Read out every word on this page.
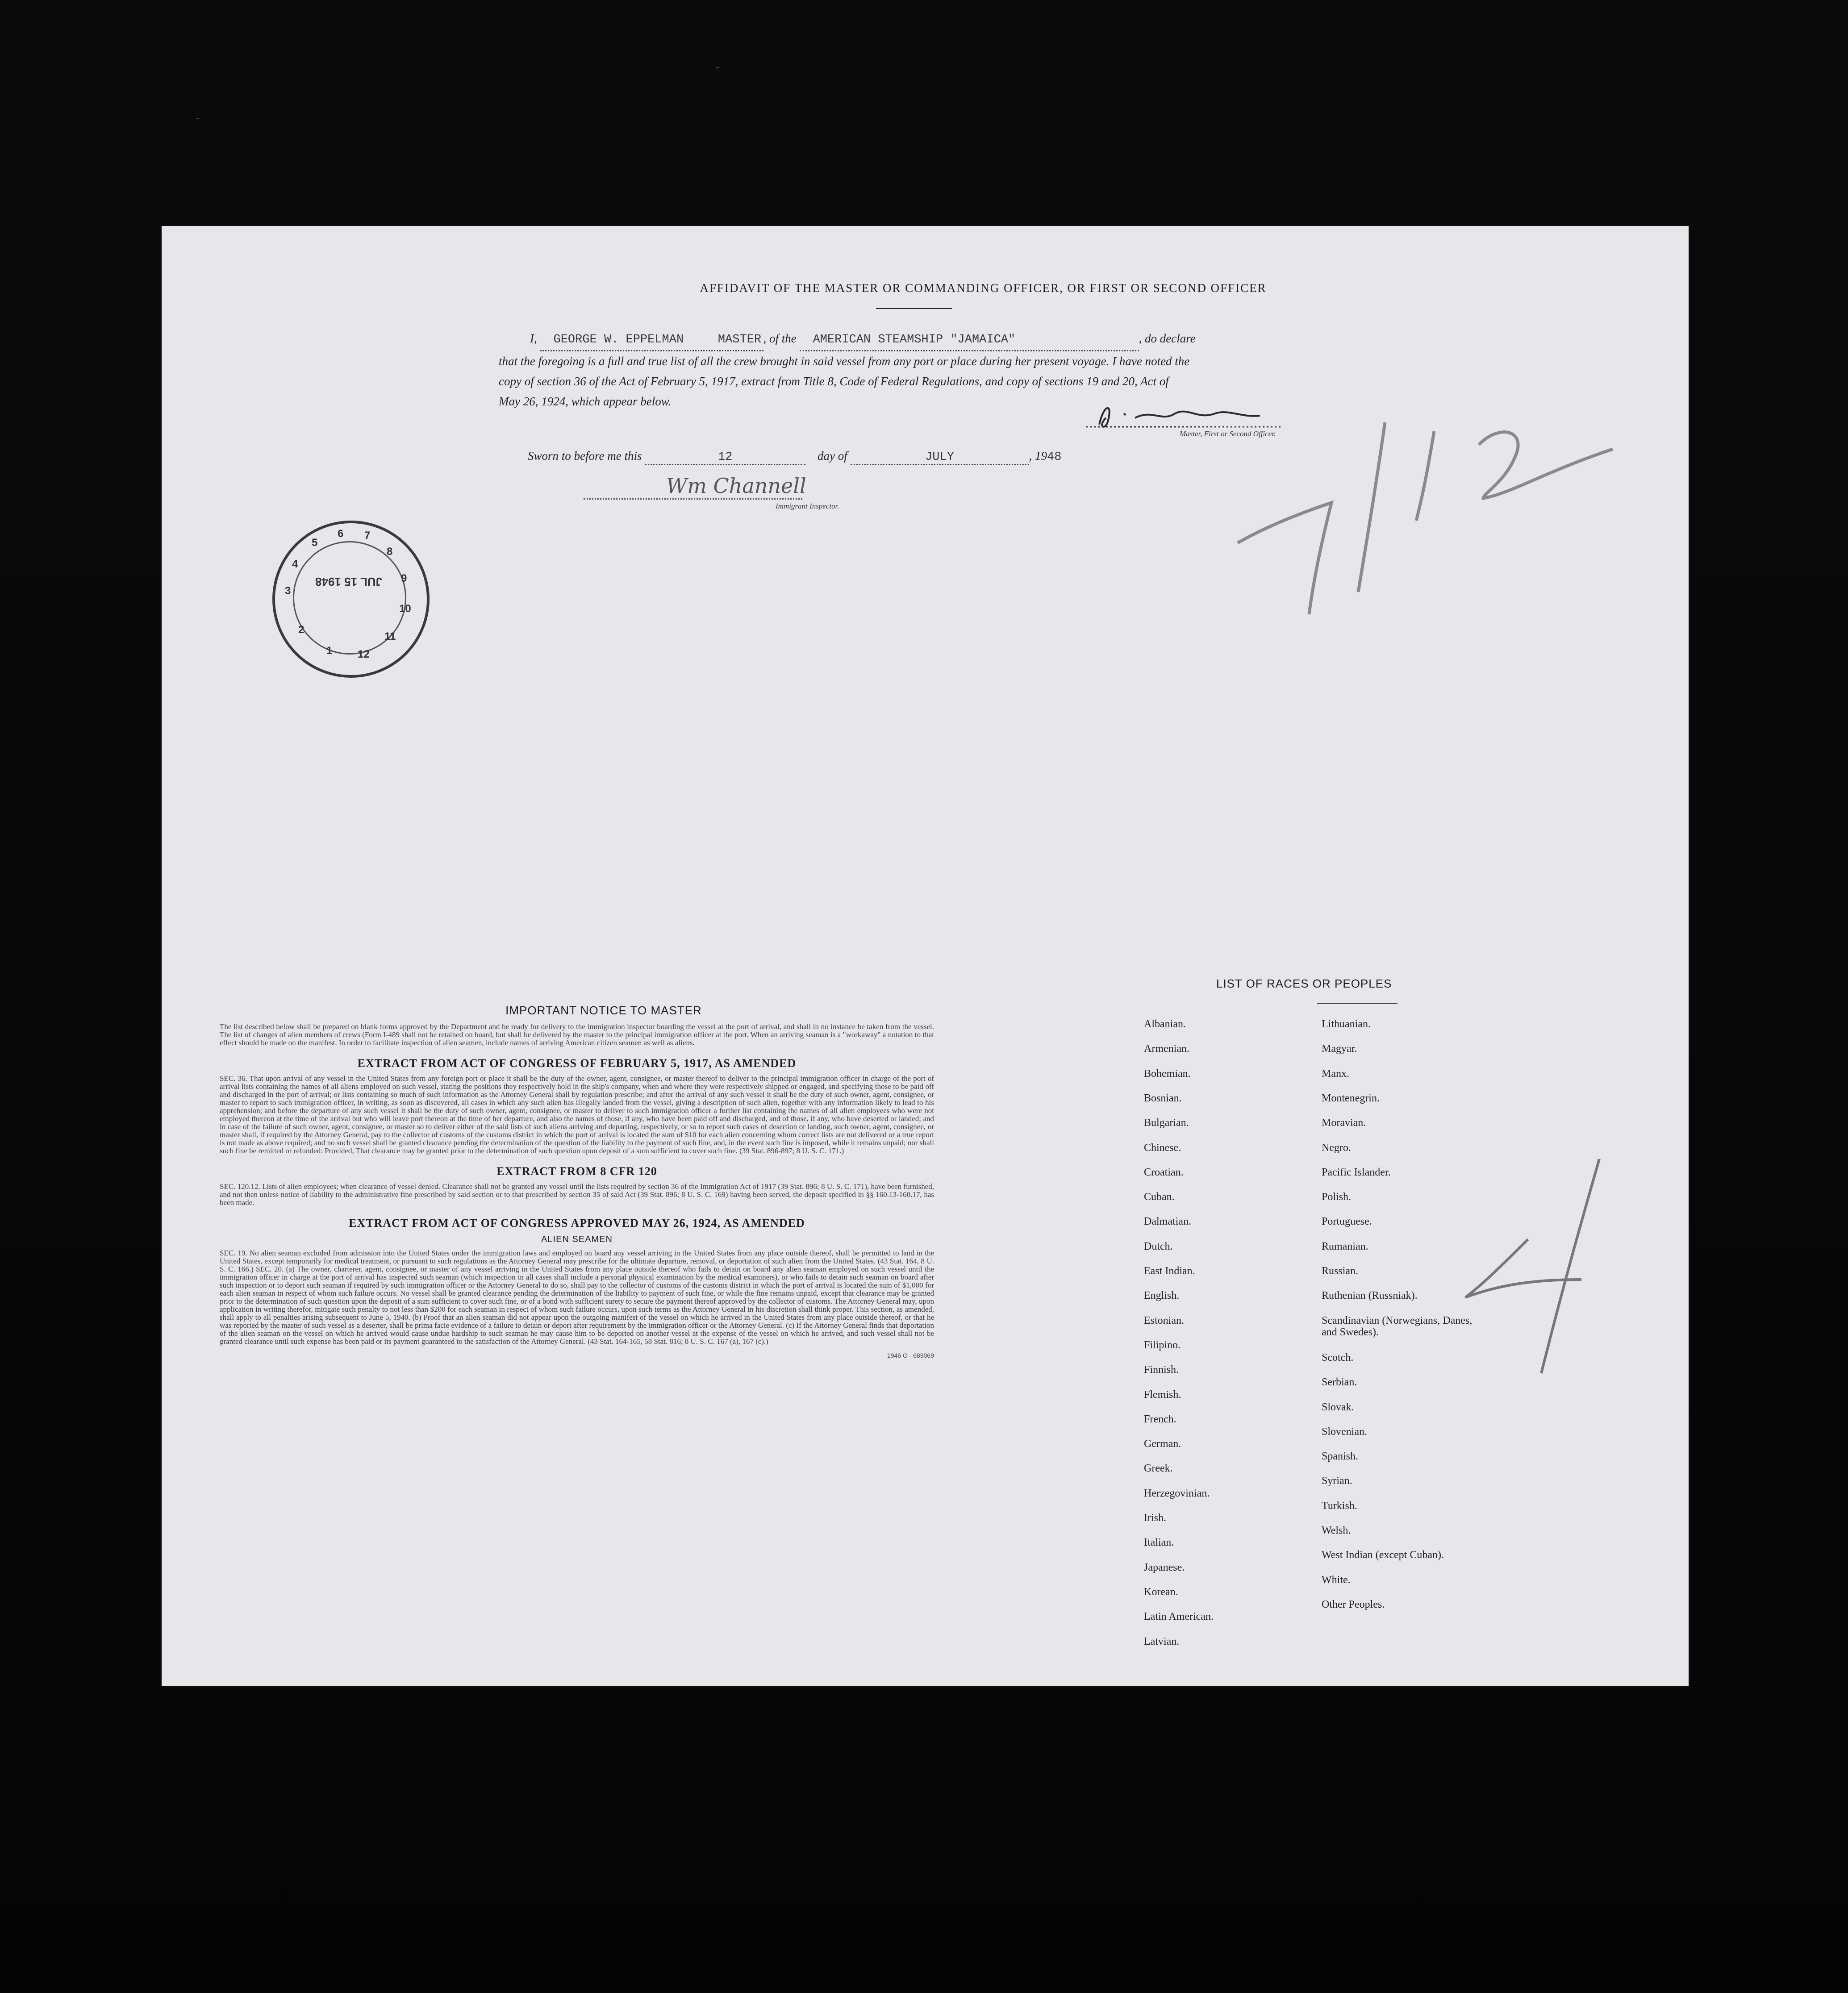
AFFIDAVIT OF THE MASTER OR COMMANDING OFFICER, OR FIRST OR SECOND OFFICER
I, GEORGE W. EPPELMAN	MASTER , of the AMERICAN STEAMSHIP "JAMAICA"	, do declare
that the foregoing is a full and true list of all the crew brought in said vessel from any port or place during her present voyage. I have noted the
copy of section 36 of the Act of February 5, 1917, extract from Title 8, Code of Federal Regulations, and copy of sections 19 and 20, Act of
May 26, 1924, which appear below.
Master, First or Second Officer.
Sworn to before me this	12	day of	JULY	, 1948
Wm Channell
Immigrant Inspector.
JUL 15 1948
3
4
5
6 7
8
9
10
11
12
1
2
IMPORTANT NOTICE TO MASTER
The list described below shall be prepared on blank forms approved by the Department and be ready for delivery to the immigration inspector boarding the vessel at the port of arrival, and shall in no instance be taken from the vessel. The list of changes of alien members of crews (Form I-489 shall not be retained on board, but shall be delivered by the master to the principal immigration officer at the port. When an arriving seaman is a "workaway" a notation to that effect should be made on the manifest. In order to facilitate inspection of alien seamen, include names of arriving American citizen seamen as well as aliens.
EXTRACT FROM ACT OF CONGRESS OF FEBRUARY 5, 1917, AS AMENDED
SEC. 36. That upon arrival of any vessel in the United States from any foreign port or place it shall be the duty of the owner, agent, consignee, or master thereof to deliver to the principal immigration officer in charge of the port of arrival lists containing the names of all aliens employed on such vessel, stating the positions they respectively hold in the ship's company, when and where they were respectively shipped or engaged, and specifying those to be paid off and discharged in the port of arrival; or lists containing so much of such information as the Attorney General shall by regulation prescribe; and after the arrival of any such vessel it shall be the duty of such owner, agent, consignee, or master to report to such immigration officer, in writing, as soon as discovered, all cases in which any such alien has illegally landed from the vessel, giving a description of such alien, together with any information likely to lead to his apprehension; and before the departure of any such vessel it shall be the duty of such owner, agent, consignee, or master to deliver to such immigration officer a further list containing the names of all alien employees who were not employed thereon at the time of the arrival but who will leave port thereon at the time of her departure, and also the names of those, if any, who have been paid off and discharged, and of those, if any, who have deserted or landed; and in case of the failure of such owner, agent, consignee, or master so to deliver either of the said lists of such aliens arriving and departing, respectively, or so to report such cases of desertion or landing, such owner, agent, consignee, or master shall, if required by the Attorney General, pay to the collector of customs of the customs district in which the port of arrival is located the sum of $10 for each alien concerning whom correct lists are not delivered or a true report is not made as above required; and no such vessel shall be granted clearance pending the determination of the question of the liability to the payment of such fine, and, in the event such fine is imposed, while it remains unpaid; nor shall such fine be remitted or refunded: Provided, That clearance may be granted prior to the determination of such question upon deposit of a sum sufficient to cover such fine. (39 Stat. 896-897; 8 U. S. C. 171.)
EXTRACT FROM 8 CFR 120
SEC. 120.12. Lists of alien employees; when clearance of vessel denied. Clearance shall not be granted any vessel until the lists required by section 36 of the Immigration Act of 1917 (39 Stat. 896; 8 U. S. C. 171), have been furnished, and not then unless notice of liability to the administrative fine prescribed by said section or to that prescribed by section 35 of said Act (39 Stat. 896; 8 U. S. C. 169) having been served, the deposit specified in §§ 160.13-160.17, has been made.
EXTRACT FROM ACT OF CONGRESS APPROVED MAY 26, 1924, AS AMENDED
ALIEN SEAMEN
SEC. 19. No alien seaman excluded from admission into the United States under the immigration laws and employed on board any vessel arriving in the United States from any place outside thereof, shall be permitted to land in the United States, except temporarily for medical treatment, or pursuant to such regulations as the Attorney General may prescribe for the ultimate departure, removal, or deportation of such alien from the United States. (43 Stat. 164, 8 U. S. C. 166.) SEC. 20. (a) The owner, charterer, agent, consignee, or master of any vessel arriving in the United States from any place outside thereof who fails to detain on board any alien seaman employed on such vessel until the immigration officer in charge at the port of arrival has inspected such seaman (which inspection in all cases shall include a personal physical examination by the medical examiners), or who fails to detain such seaman on board after such inspection or to deport such seaman if required by such immigration officer or the Attorney General to do so, shall pay to the collector of customs of the customs district in which the port of arrival is located the sum of $1,000 for each alien seaman in respect of whom such failure occurs. No vessel shall be granted clearance pending the determination of the liability to payment of such fine, or while the fine remains unpaid, except that clearance may be granted prior to the determination of such question upon the deposit of a sum sufficient to cover such fine, or of a bond with sufficient surety to secure the payment thereof approved by the collector of customs. The Attorney General may, upon application in writing therefor, mitigate such penalty to not less than $200 for each seaman in respect of whom such failure occurs, upon such terms as the Attorney General in his discretion shall think proper. This section, as amended, shall apply to all penalties arising subsequent to June 5, 1940. (b) Proof that an alien seaman did not appear upon the outgoing manifest of the vessel on which he arrived in the United States from any place outside thereof, or that he was reported by the master of such vessel as a deserter, shall be prima facie evidence of a failure to detain or deport after requirement by the immigration officer or the Attorney General. (c) If the Attorney General finds that deportation of the alien seaman on the vessel on which he arrived would cause undue hardship to such seaman he may cause him to be deported on another vessel at the expense of the vessel on which he arrived, and such vessel shall not be granted clearance until such expense has been paid or its payment guaranteed to the satisfaction of the Attorney General. (43 Stat. 164-165, 58 Stat. 816; 8 U. S. C. 167 (a), 167 (c).)
1946 O - 689069
LIST OF RACES OR PEOPLES
Albanian.
Armenian.
Bohemian.
Bosnian.
Bulgarian.
Chinese.
Croatian.
Cuban.
Dalmatian.
Dutch.
East Indian.
English.
Estonian.
Filipino.
Finnish.
Flemish.
French.
German.
Greek.
Herzegovinian.
Irish.
Italian.
Japanese.
Korean.
Latin American.
Latvian.
Lithuanian.
Magyar.
Manx.
Montenegrin.
Moravian.
Negro.
Pacific Islander.
Polish.
Portuguese.
Rumanian.
Russian.
Ruthenian (Russniak).
Scandinavian (Norwegians, Danes, and Swedes).
Scotch.
Serbian.
Slovak.
Slovenian.
Spanish.
Syrian.
Turkish.
Welsh.
West Indian (except Cuban).
White.
Other Peoples.
